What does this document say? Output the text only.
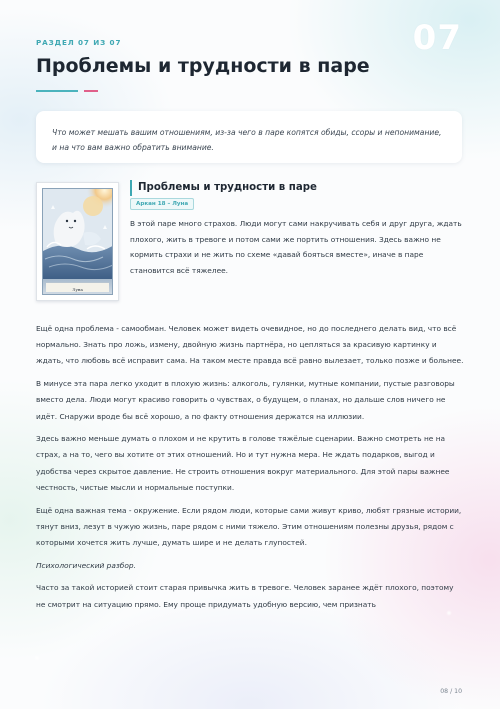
РАЗДЕЛ 07 ИЗ 07	07
Проблемы и трудности в паре

Что может мешать вашим отношениям, из-за чего в паре копятся обиды, ссоры и непонимание, и на что вам важно обратить внимание.

Луна
Проблемы и трудности в паре
Аркан 18 – Луна

В этой паре много страхов. Люди могут сами накручивать себя и друг друга, ждать плохого, жить в тревоге и потом сами же портить отношения. Здесь важно не кормить страхи и не жить по схеме «давай бояться вместе», иначе в паре становится всё тяжелее.

Ещё одна проблема - самообман. Человек может видеть очевидное, но до последнего делать вид, что всё нормально. Знать про ложь, измену, двойную жизнь партнёра, но цепляться за красивую картинку и ждать, что любовь всё исправит сама. На таком месте правда всё равно вылезает, только позже и больнее.

В минусе эта пара легко уходит в плохую жизнь: алкоголь, гулянки, мутные компании, пустые разговоры вместо дела. Люди могут красиво говорить о чувствах, о будущем, о планах, но дальше слов ничего не идёт. Снаружи вроде бы всё хорошо, а по факту отношения держатся на иллюзии.

Здесь важно меньше думать о плохом и не крутить в голове тяжёлые сценарии. Важно смотреть не на страх, а на то, чего вы хотите от этих отношений. Но и тут нужна мера. Не ждать подарков, выгод и удобства через скрытое давление. Не строить отношения вокруг материального. Для этой пары важнее честность, чистые мысли и нормальные поступки.

Ещё одна важная тема - окружение. Если рядом люди, которые сами живут криво, любят грязные истории, тянут вниз, лезут в чужую жизнь, паре рядом с ними тяжело. Этим отношениям полезны друзья, рядом с которыми хочется жить лучше, думать шире и не делать глупостей.

Психологический разбор.

Часто за такой историей стоит старая привычка жить в тревоге. Человек заранее ждёт плохого, поэтому не смотрит на ситуацию прямо. Ему проще придумать удобную версию, чем признать

08 / 10
